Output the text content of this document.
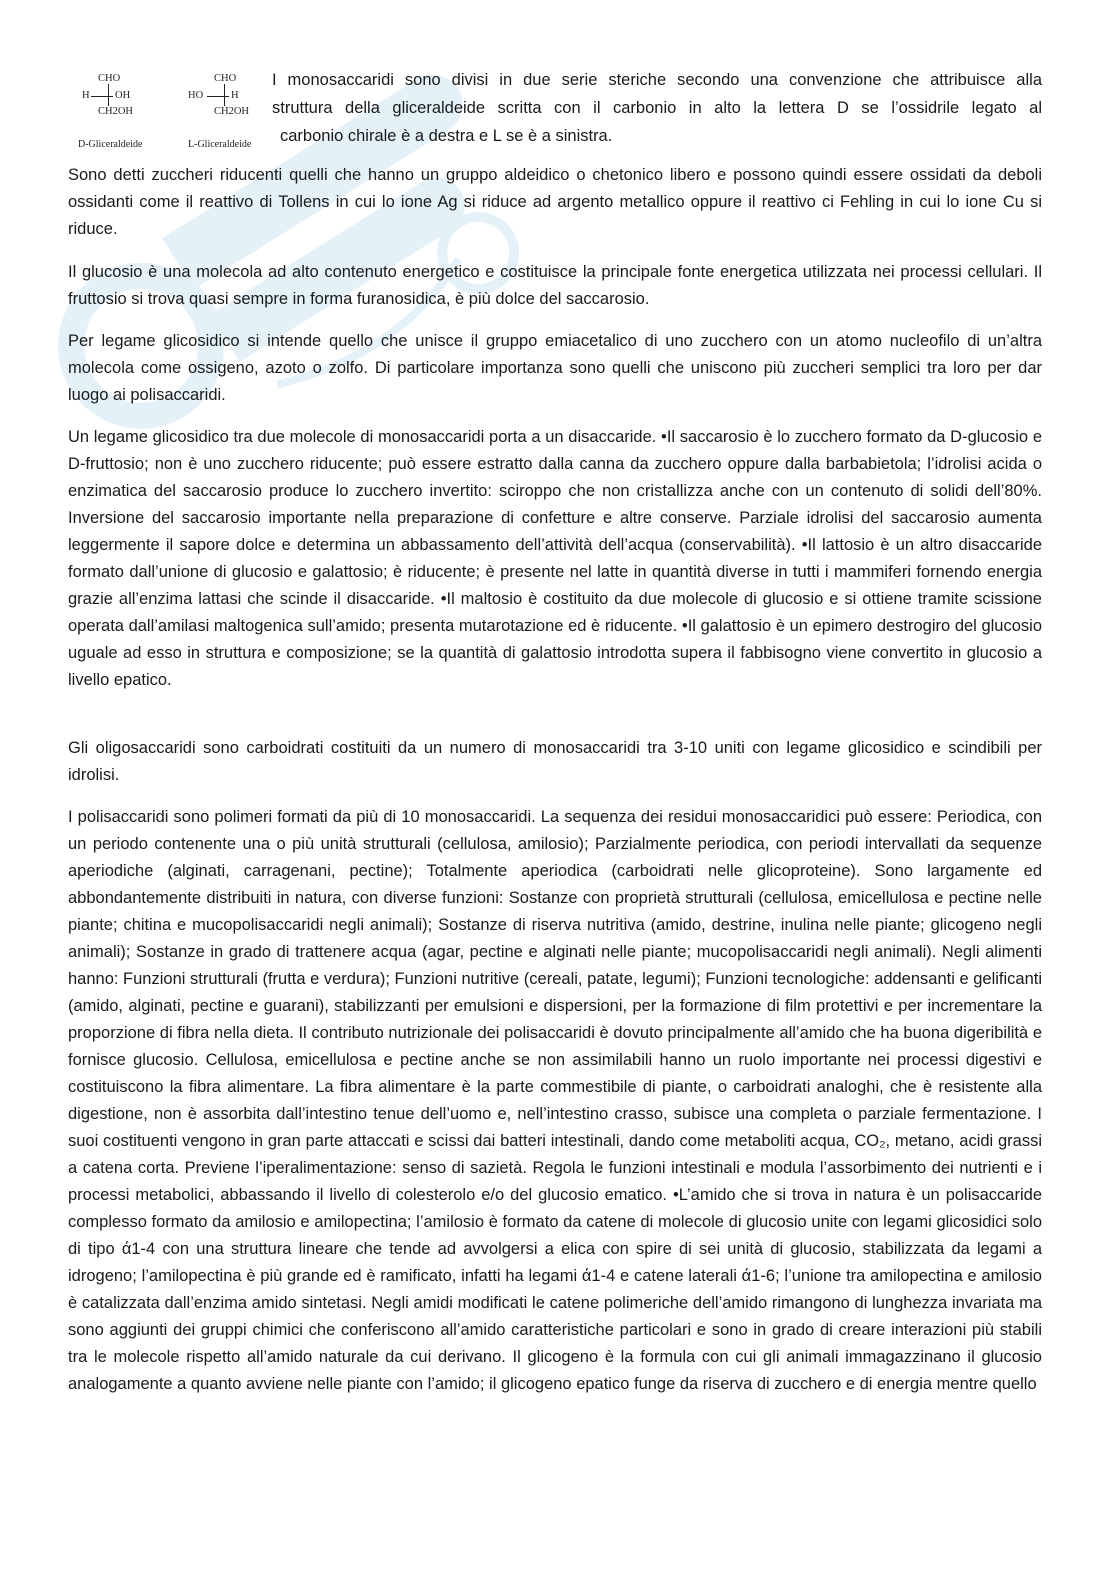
CHO
H OH
CH2OH
D-Gliceraldeide
CHO
HO	H
CH2OH
L-Gliceraldeide
I monosaccaridi sono divisi in due serie steriche secondo una convenzione che attribuisce alla
struttura della gliceraldeide scritta con il carbonio in alto la lettera D se l’ossidrile legato al
carbonio chirale è a destra e L se è a sinistra.

Sono detti zuccheri riducenti quelli che hanno un gruppo aldeidico o chetonico libero e possono quindi essere ossidati da deboli ossidanti come il reattivo di Tollens in cui lo ione Ag si riduce ad argento metallico oppure il reattivo ci Fehling in cui lo ione Cu si riduce.

Il glucosio è una molecola ad alto contenuto energetico e costituisce la principale fonte energetica utilizzata nei processi cellulari. Il fruttosio si trova quasi sempre in forma furanosidica, è più dolce del saccarosio.

Per legame glicosidico si intende quello che unisce il gruppo emiacetalico di uno zucchero con un atomo nucleofilo di un’altra molecola come ossigeno, azoto o zolfo. Di particolare importanza sono quelli che uniscono più zuccheri semplici tra loro per dar luogo ai polisaccaridi.

Un legame glicosidico tra due molecole di monosaccaridi porta a un disaccaride. •Il saccarosio è lo zucchero formato da D-glucosio e D-fruttosio; non è uno zucchero riducente; può essere estratto dalla canna da zucchero oppure dalla barbabietola; l’idrolisi acida o enzimatica del saccarosio produce lo zucchero invertito: sciroppo che non cristallizza anche con un contenuto di solidi dell’80%. Inversione del saccarosio importante nella preparazione di confetture e altre conserve. Parziale idrolisi del saccarosio aumenta leggermente il sapore dolce e determina un abbassamento dell’attività dell’acqua (conservabilità). •Il lattosio è un altro disaccaride formato dall’unione di glucosio e galattosio; è riducente; è presente nel latte in quantità diverse in tutti i mammiferi fornendo energia grazie all’enzima lattasi che scinde il disaccaride. •Il maltosio è costituito da due molecole di glucosio e si ottiene tramite scissione operata dall’amilasi maltogenica sull’amido; presenta mutarotazione ed è riducente. •Il galattosio è un epimero destrogiro del glucosio uguale ad esso in struttura e composizione; se la quantità di galattosio introdotta supera il fabbisogno viene convertito in glucosio a livello epatico.

Gli oligosaccaridi sono carboidrati costituiti da un numero di monosaccaridi tra 3-10 uniti con legame glicosidico e scindibili per idrolisi.

I polisaccaridi sono polimeri formati da più di 10 monosaccaridi. La sequenza dei residui monosaccaridici può essere: Periodica, con un periodo contenente una o più unità strutturali (cellulosa, amilosio); Parzialmente periodica, con periodi intervallati da sequenze aperiodiche (alginati, carragenani, pectine); Totalmente aperiodica (carboidrati nelle glicoproteine). Sono largamente ed abbondantemente distribuiti in natura, con diverse funzioni: Sostanze con proprietà strutturali (cellulosa, emicellulosa e pectine nelle piante; chitina e mucopolisaccaridi negli animali); Sostanze di riserva nutritiva (amido, destrine, inulina nelle piante; glicogeno negli animali); Sostanze in grado di trattenere acqua (agar, pectine e alginati nelle piante; mucopolisaccaridi negli animali). Negli alimenti hanno: Funzioni strutturali (frutta e verdura); Funzioni nutritive (cereali, patate, legumi); Funzioni tecnologiche: addensanti e gelificanti (amido, alginati, pectine e guarani), stabilizzanti per emulsioni e dispersioni, per la formazione di film protettivi e per incrementare la proporzione di fibra nella dieta. Il contributo nutrizionale dei polisaccaridi è dovuto principalmente all’amido che ha buona digeribilità e fornisce glucosio. Cellulosa, emicellulosa e pectine anche se non assimilabili hanno un ruolo importante nei processi digestivi e costituiscono la fibra alimentare. La fibra alimentare è la parte commestibile di piante, o carboidrati analoghi, che è resistente alla digestione, non è assorbita dall’intestino tenue dell’uomo e, nell’intestino crasso, subisce una completa o parziale fermentazione. I suoi costituenti vengono in gran parte attaccati e scissi dai batteri intestinali, dando come metaboliti acqua, CO₂, metano, acidi grassi a catena corta. Previene l’iperalimentazione: senso di sazietà. Regola le funzioni intestinali e modula l’assorbimento dei nutrienti e i processi metabolici, abbassando il livello di colesterolo e/o del glucosio ematico. •L’amido che si trova in natura è un polisaccaride complesso formato da amilosio e amilopectina; l’amilosio è formato da catene di molecole di glucosio unite con legami glicosidici solo di tipo ά1-4 con una struttura lineare che tende ad avvolgersi a elica con spire di sei unità di glucosio, stabilizzata da legami a idrogeno; l’amilopectina è più grande ed è ramificato, infatti ha legami ά1-4 e catene laterali ά1-6; l’unione tra amilopectina e amilosio è catalizzata dall’enzima amido sintetasi. Negli amidi modificati le catene polimeriche dell’amido rimangono di lunghezza invariata ma sono aggiunti dei gruppi chimici che conferiscono all’amido caratteristiche particolari e sono in grado di creare interazioni più stabili tra le molecole rispetto all’amido naturale da cui derivano. Il glicogeno è la formula con cui gli animali immagazzinano il glucosio analogamente a quanto avviene nelle piante con l’amido; il glicogeno epatico funge da riserva di zucchero e di energia mentre quello
